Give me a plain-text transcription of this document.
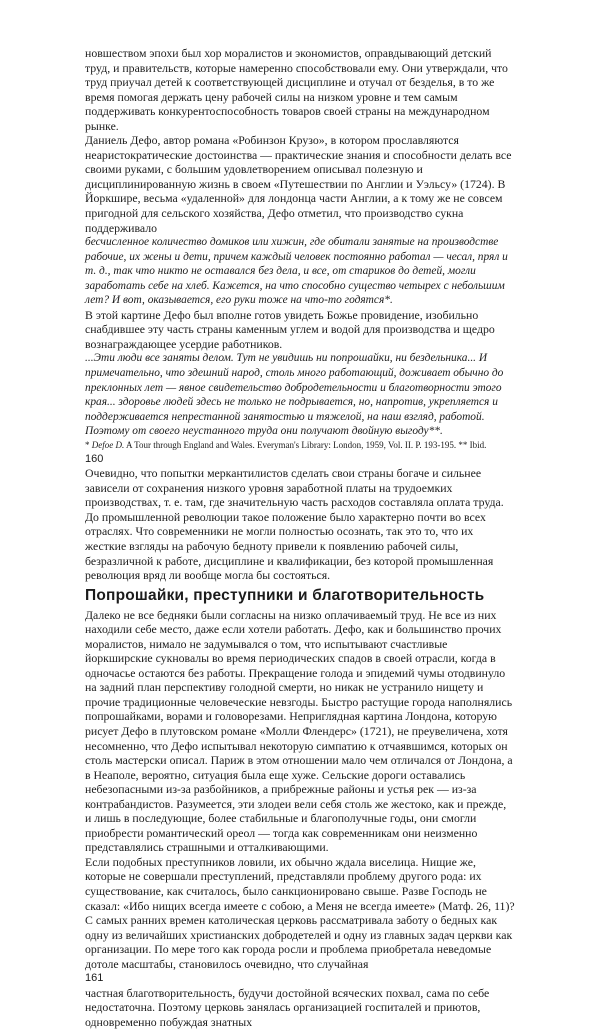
новшеством эпохи был хор моралистов и экономистов, оправдывающий детский труд, и правительств, которые намеренно способствовали ему. Они утверждали, что труд приучал детей к соответствующей дисциплине и отучал от безделья, в то же время помогая держать цену рабочей силы на низком уровне и тем самым поддерживать конкурентоспособность товаров своей страны на международном рынке.

Даниель Дефо, автор романа «Робинзон Крузо», в котором прославляются неаристократические достоинства — практические знания и способности делать все своими руками, с большим удовлетворением описывал полезную и дисциплинированную жизнь в своем «Путешествии по Англии и Уэльсу» (1724). В Йоркшире, весьма «удаленной» для лондонца части Англии, а к тому же не совсем пригодной для сельского хозяйства, Дефо отметил, что производство сукна поддерживало

бесчисленное количество домиков или хижин, где обитали занятые на производстве рабочие, их жены и дети, причем каждый человек постоянно работал — чесал, прял и т. д., так что никто не оставался без дела, и все, от стариков до детей, могли заработать себе на хлеб. Кажется, на что способно существо четырех с небольшим лет? И вот, оказывается, его руки тоже на что-то годятся*.

В этой картине Дефо был вполне готов увидеть Божье провидение, изобильно снабдившее эту часть страны каменным углем и водой для производства и щедро вознаграждающее усердие работников.

...Эти люди все заняты делом. Тут не увидишь ни попрошайки, ни бездельника... И примечательно, что здешний народ, столь много работающий, доживает обычно до преклонных лет — явное свидетельство добродетельности и благотворности этого края... здоровье людей здесь не только не подрывается, но, напротив, укрепляется и поддерживается непрестанной занятостью и тяжелой, на наш взгляд, работой. Поэтому от своего неустанного труда они получают двойную выгоду**.

* Defoe D. A Tour through England and Wales. Everyman's Library: London, 1959, Vol. II. P. 193-195. ** Ibid.

160

Очевидно, что попытки меркантилистов сделать свои страны богаче и сильнее зависели от сохранения низкого уровня заработной платы на трудоемких производствах, т. е. там, где значительную часть расходов составляла оплата труда. До промышленной революции такое положение было характерно почти во всех отраслях. Что современники не могли полностью осознать, так это то, что их жесткие взгляды на рабочую бедноту привели к появлению рабочей силы, безразличной к работе, дисциплине и квалификации, без которой промышленная революция вряд ли вообще могла бы состояться.

Попрошайки, преступники и благотворительность

Далеко не все бедняки были согласны на низко оплачиваемый труд. Не все из них находили себе место, даже если хотели работать. Дефо, как и большинство прочих моралистов, нимало не задумывался о том, что испытывают счастливые йоркширские сукновалы во время периодических спадов в своей отрасли, когда в одночасье остаются без работы. Прекращение голода и эпидемий чумы отодвинуло на задний план перспективу голодной смерти, но никак не устранило нищету и прочие традиционные человеческие невзгоды. Быстро растущие города наполнялись попрошайками, ворами и головорезами. Неприглядная картина Лондона, которую рисует Дефо в плутовском романе «Молли Флендерс» (1721), не преувеличена, хотя несомненно, что Дефо испытывал некоторую симпатию к отчаявшимся, которых он столь мастерски описал. Париж в этом отношении мало чем отличался от Лондона, а в Неаполе, вероятно, ситуация была еще хуже. Сельские дороги оставались небезопасными из-за разбойников, а прибрежные районы и устья рек — из-за контрабандистов. Разумеется, эти злодеи вели себя столь же жестоко, как и прежде, и лишь в последующие, более стабильные и благополучные годы, они смогли приобрести романтический ореол — тогда как современникам они неизменно представлялись страшными и отталкивающими.

Если подобных преступников ловили, их обычно ждала виселица. Нищие же, которые не совершали преступлений, представляли проблему другого рода: их существование, как считалось, было санкционировано свыше. Разве Господь не сказал: «Ибо нищих всегда имеете с собою, а Меня не всегда имеете» (Матф. 26, 11)? С самых ранних времен католическая церковь рассматривала заботу о бедных как одну из величайших христианских добродетелей и одну из главных задач церкви как организации. По мере того как города росли и проблема приобретала неведомые дотоле масштабы, становилось очевидно, что случайная

161

частная благотворительность, будучи достойной всяческих похвал, сама по себе недостаточна. Поэтому церковь занялась организацией госпиталей и приютов, одновременно побуждая знатных
